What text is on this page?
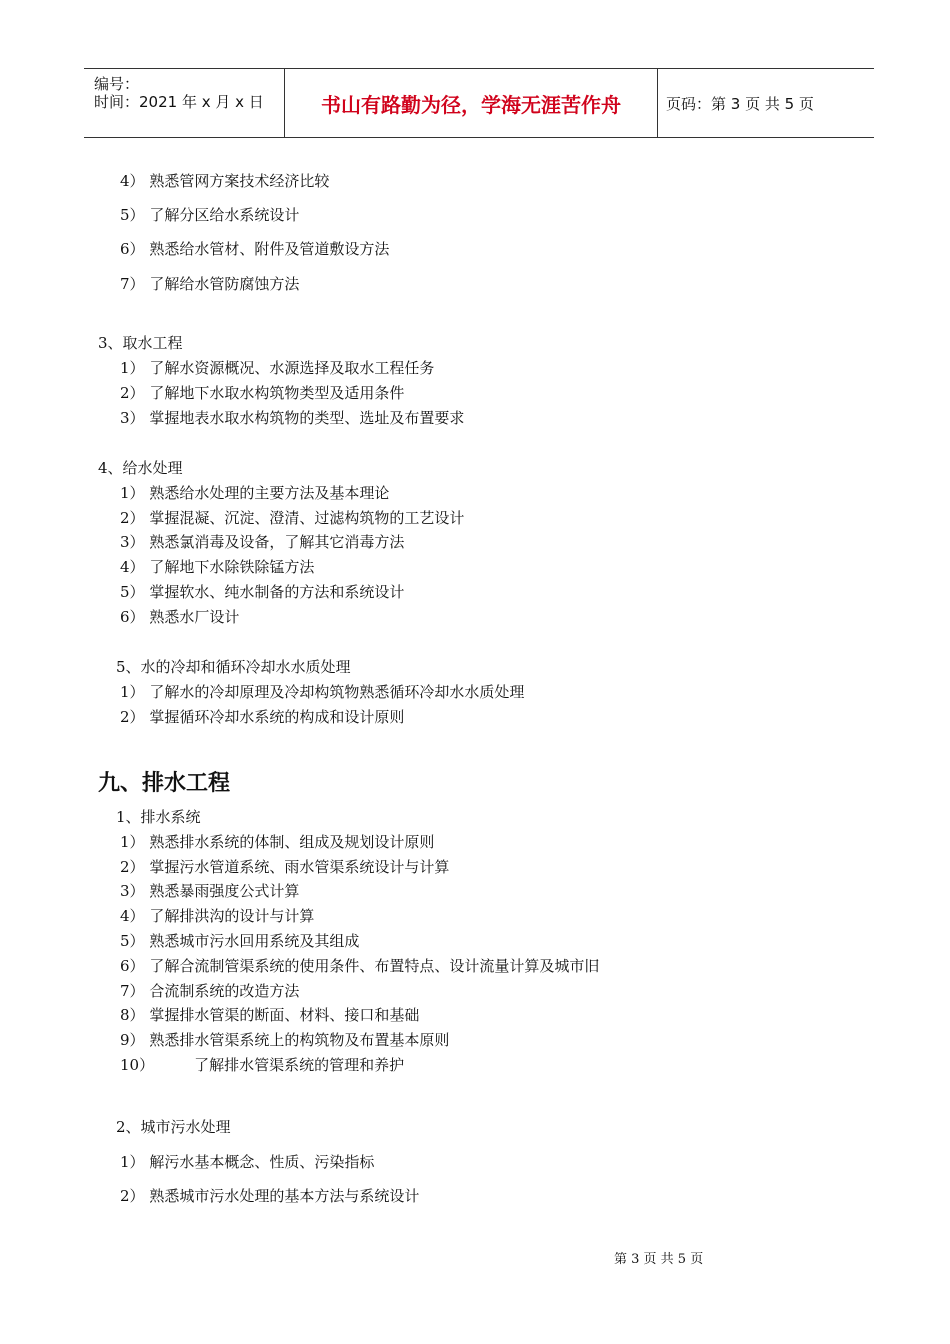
编号：
时间：2021 年 x 月 x 日	书山有路勤为径，学海无涯苦作舟	页码：第 3 页 共 5 页
4） 熟悉管网方案技术经济比较
5） 了解分区给水系统设计
6） 熟悉给水管材、附件及管道敷设方法
7） 了解给水管防腐蚀方法
3、取水工程
1） 了解水资源概况、水源选择及取水工程任务
2） 了解地下水取水构筑物类型及适用条件
3） 掌握地表水取水构筑物的类型、选址及布置要求
4、给水处理
1） 熟悉给水处理的主要方法及基本理论
2） 掌握混凝、沉淀、澄清、过滤构筑物的工艺设计
3） 熟悉氯消毒及设备，了解其它消毒方法
4） 了解地下水除铁除锰方法
5） 掌握软水、纯水制备的方法和系统设计
6） 熟悉水厂设计
5、水的冷却和循环冷却水水质处理
1） 了解水的冷却原理及冷却构筑物熟悉循环冷却水水质处理
2） 掌握循环冷却水系统的构成和设计原则
九、排水工程
1、排水系统
1） 熟悉排水系统的体制、组成及规划设计原则
2） 掌握污水管道系统、雨水管渠系统设计与计算
3） 熟悉暴雨强度公式计算
4） 了解排洪沟的设计与计算
5） 熟悉城市污水回用系统及其组成
6） 了解合流制管渠系统的使用条件、布置特点、设计流量计算及城市旧
7） 合流制系统的改造方法
8） 掌握排水管渠的断面、材料、接口和基础
9） 熟悉排水管渠系统上的构筑物及布置基本原则
10）	了解排水管渠系统的管理和养护
2、城市污水处理
1） 解污水基本概念、性质、污染指标
2） 熟悉城市污水处理的基本方法与系统设计
第 3 页 共 5 页
